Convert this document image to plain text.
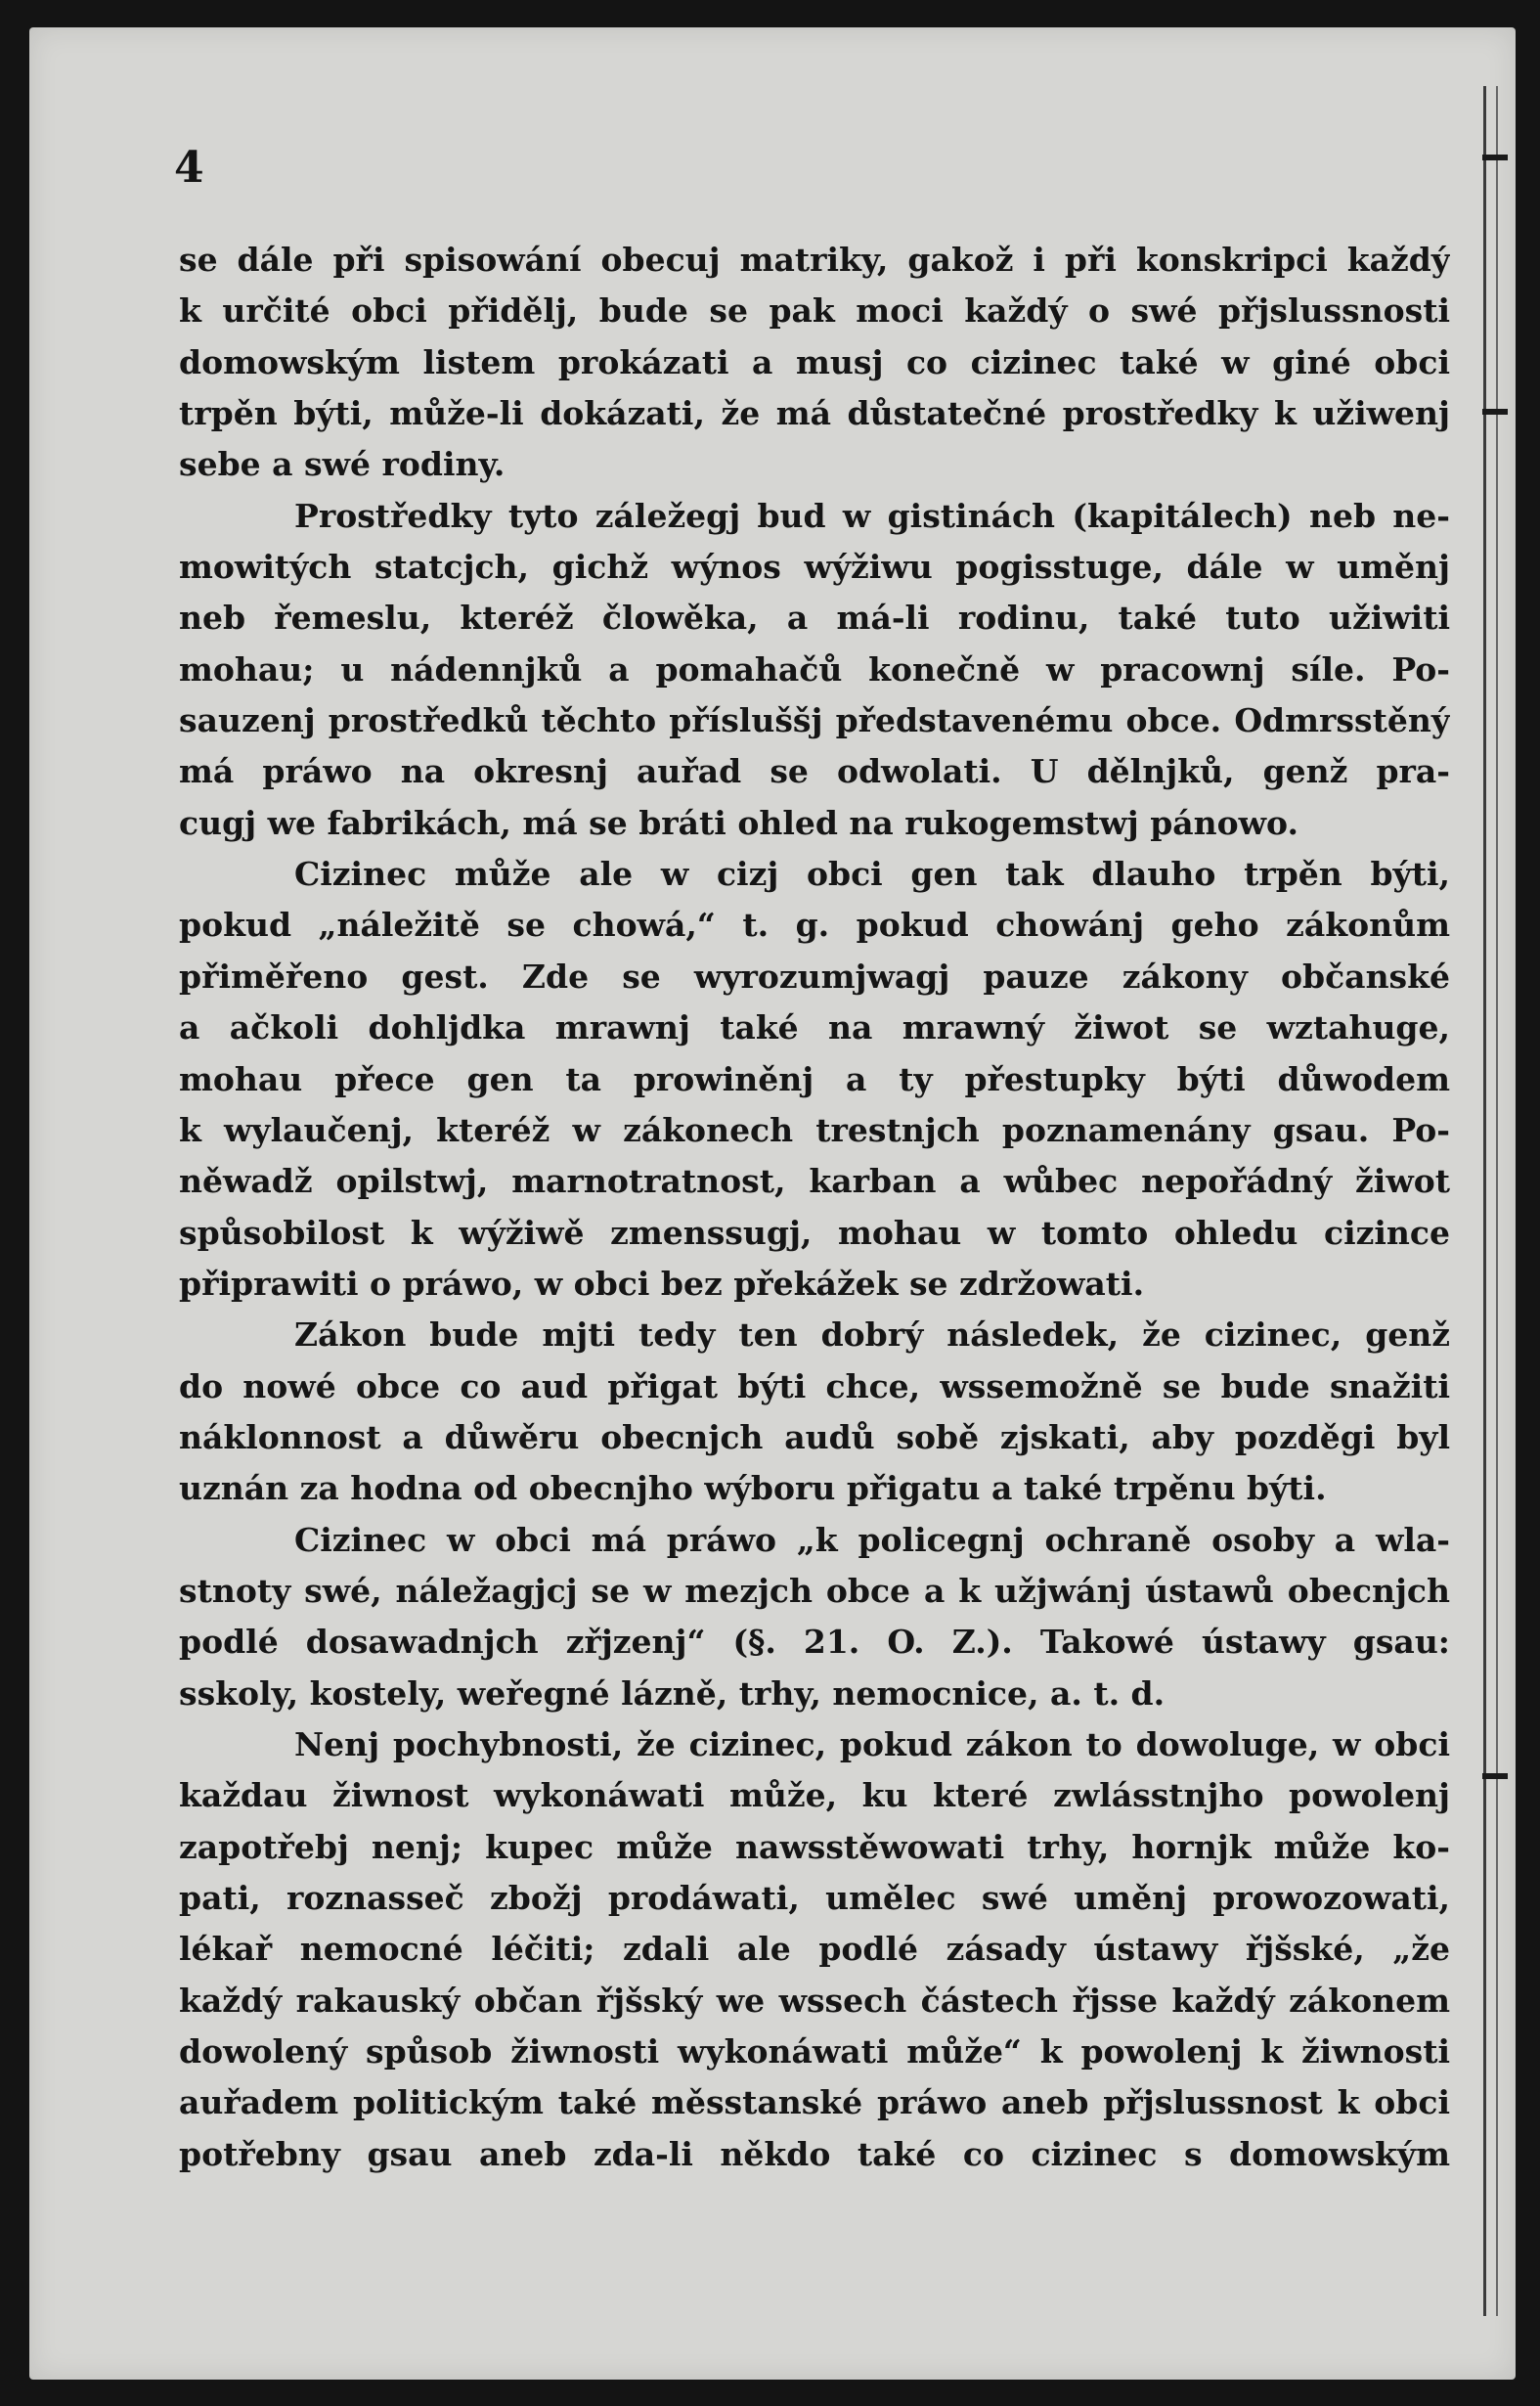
4
se dále při spisowání obecuj matriky, gakož i při konskripci každý
k určité obci přidělj, bude se pak moci každý o swé přjslussnosti
domowským listem prokázati a musj co cizinec také w giné obci
trpěn býti, může-li dokázati, že má důstatečné prostředky k užiwenj
sebe a swé rodiny.
Prostředky tyto záležegj bud w gistinách (kapitálech) neb ne-
mowitých statcjch, gichž wýnos wýžiwu pogisstuge, dále w uměnj
neb řemeslu, kteréž člowěka, a má-li rodinu, také tuto užiwiti
mohau; u nádennjků a pomahačů konečně w pracownj síle. Po-
sauzenj prostředků těchto přísluššj představenému obce. Odmrsstěný
má práwo na okresnj auřad se odwolati. U dělnjků, genž pra-
cugj we fabrikách, má se bráti ohled na rukogemstwj pánowo.
Cizinec může ale w cizj obci gen tak dlauho trpěn býti,
pokud „náležitě se chowá,“ t. g. pokud chowánj geho zákonům
přiměřeno gest. Zde se wyrozumjwagj pauze zákony občanské
a ačkoli dohljdka mrawnj také na mrawný žiwot se wztahuge,
mohau přece gen ta prowiněnj a ty přestupky býti důwodem
k wylaučenj, kteréž w zákonech trestnjch poznamenány gsau. Po-
něwadž opilstwj, marnotratnost, karban a wůbec nepořádný žiwot
spůsobilost k wýžiwě zmenssugj, mohau w tomto ohledu cizince
připrawiti o práwo, w obci bez překážek se zdržowati.
Zákon bude mjti tedy ten dobrý následek, že cizinec, genž
do nowé obce co aud přigat býti chce, wssemožně se bude snažiti
náklonnost a důwěru obecnjch audů sobě zjskati, aby pozděgi byl
uznán za hodna od obecnjho wýboru přigatu a také trpěnu býti.
Cizinec w obci má práwo „k policegnj ochraně osoby a wla-
stnoty swé, náležagjcj se w mezjch obce a k užjwánj ústawů obecnjch
podlé dosawadnjch zřjzenj“ (§. 21. O. Z.). Takowé ústawy gsau:
sskoly, kostely, weřegné lázně, trhy, nemocnice, a. t. d.
Nenj pochybnosti, že cizinec, pokud zákon to dowoluge, w obci
každau žiwnost wykonáwati může, ku které zwlásstnjho powolenj
zapotřebj nenj; kupec může nawsstěwowati trhy, hornjk může ko-
pati, roznassеč zbožj prodáwati, umělec swé uměnj prowozowati,
lékař nemocné léčiti; zdali ale podlé zásady ústawy řjšské, „že
každý rakauský občan řjšský we wssech částech řjsse každý zákonem
dowolený spůsob žiwnosti wykonáwati může“ k powolenj k žiwnosti
auřadem politickým také měsstanské práwo aneb přjslussnost k obci
potřebny gsau aneb zda-li někdo také co cizinec s domowským
